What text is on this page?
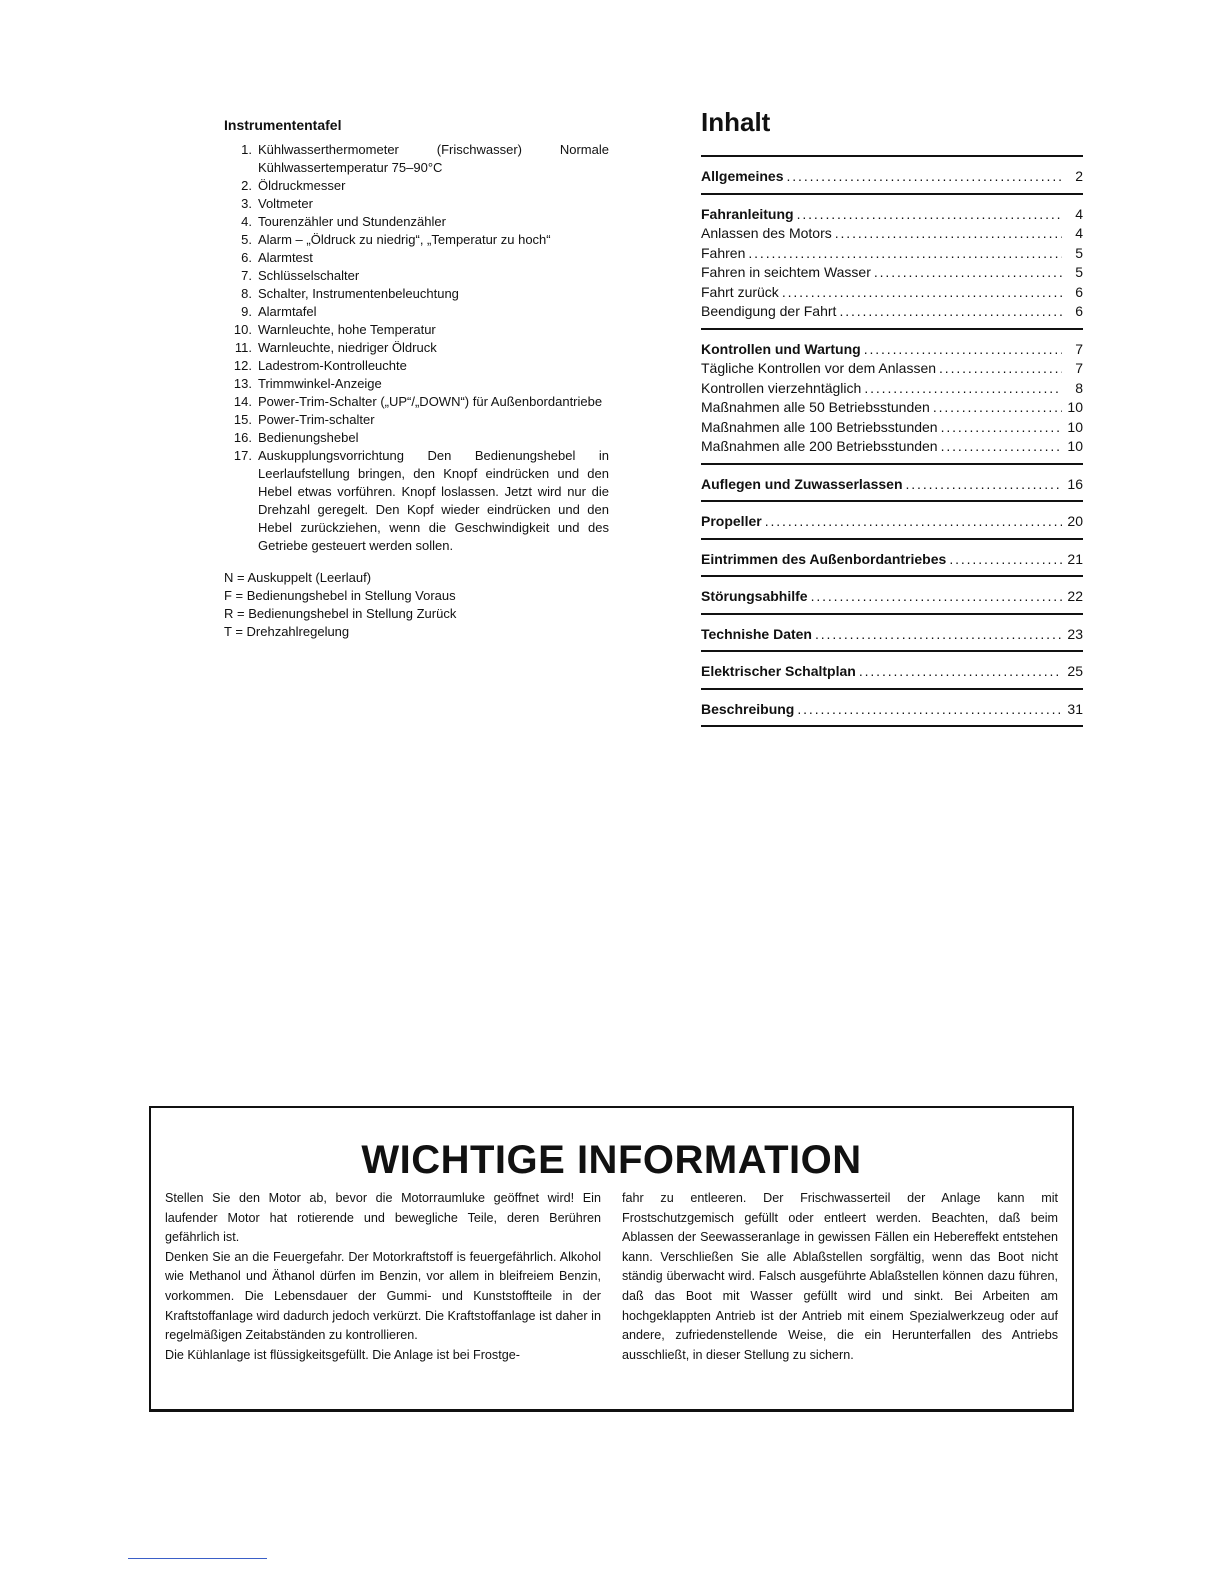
Instrumententafel
1. Kühlwasserthermometer (Frischwasser) Normale Kühlwassertemperatur 75–90°C
2. Öldruckmesser
3. Voltmeter
4. Tourenzähler und Stundenzähler
5. Alarm – „Öldruck zu niedrig“, „Temperatur zu hoch“
6. Alarmtest
7. Schlüsselschalter
8. Schalter, Instrumentenbeleuchtung
9. Alarmtafel
10. Warnleuchte, hohe Temperatur
11. Warnleuchte, niedriger Öldruck
12. Ladestrom-Kontrolleuchte
13. Trimmwinkel-Anzeige
14. Power-Trim-Schalter („UP“/„DOWN“) für Außenbordantriebe
15. Power-Trim-schalter
16. Bedienungshebel
17. Auskupplungsvorrichtung Den Bedienungshebel in Leerlaufstellung bringen, den Knopf eindrücken und den Hebel etwas vorführen. Knopf loslassen. Jetzt wird nur die Drehzahl geregelt. Den Kopf wieder eindrücken und den Hebel zurückziehen, wenn die Geschwindigkeit und des Getriebe gesteuert werden sollen.
N = Auskuppelt (Leerlauf)
F = Bedienungshebel in Stellung Voraus
R = Bedienungshebel in Stellung Zurück
T = Drehzahlregelung
Inhalt
Allgemeines . . .	2
Fahranleitung . . .	4
Anlassen des Motors . . .	4
Fahren . . .	5
Fahren in seichtem Wasser . . .	5
Fahrt zurück . . .	6
Beendigung der Fahrt . . .	6
Kontrollen und Wartung . . .	7
Tägliche Kontrollen vor dem Anlassen . . .	7
Kontrollen vierzehntäglich . . .	8
Maßnahmen alle 50 Betriebsstunden . . .	10
Maßnahmen alle 100 Betriebsstunden . . .	10
Maßnahmen alle 200 Betriebsstunden . . .	10
Auflegen und Zuwasserlassen . . .	16
Propeller . . .	20
Eintrimmen des Außenbordantriebes . . .	21
Störungsabhilfe . . .	22
Technishe Daten . . .	23
Elektrischer Schaltplan . . .	25
Beschreibung . . .	31
WICHTIGE INFORMATION

Stellen Sie den Motor ab, bevor die Motorraumluke geöffnet wird! Ein laufender Motor hat rotierende und bewegliche Teile, deren Berühren gefährlich ist.

Denken Sie an die Feuergefahr. Der Motorkraftstoff is feuergefährlich. Alkohol wie Methanol und Äthanol dürfen im Benzin, vor allem in bleifreiem Benzin, vorkommen. Die Lebensdauer der Gummi- und Kunststoffteile in der Kraftstoffanlage wird dadurch jedoch verkürzt. Die Kraftstoffanlage ist daher in regelmäßigen Zeitabständen zu kontrollieren.

Die Kühlanlage ist flüssigkeitsgefüllt. Die Anlage ist bei Frostge-

fahr zu entleeren. Der Frischwasserteil der Anlage kann mit Frostschutzgemisch gefüllt oder entleert werden. Beachten, daß beim Ablassen der Seewasseranlage in gewissen Fällen ein Hebereffekt entstehen kann. Verschließen Sie alle Ablaßstellen sorgfältig, wenn das Boot nicht ständig überwacht wird. Falsch ausgeführte Ablaßstellen können dazu führen, daß das Boot mit Wasser gefüllt wird und sinkt. Bei Arbeiten am hochgeklappten Antrieb ist der Antrieb mit einem Spezialwerkzeug oder auf andere, zufriedenstellende Weise, die ein Herunterfallen des Antriebs ausschließt, in dieser Stellung zu sichern.
